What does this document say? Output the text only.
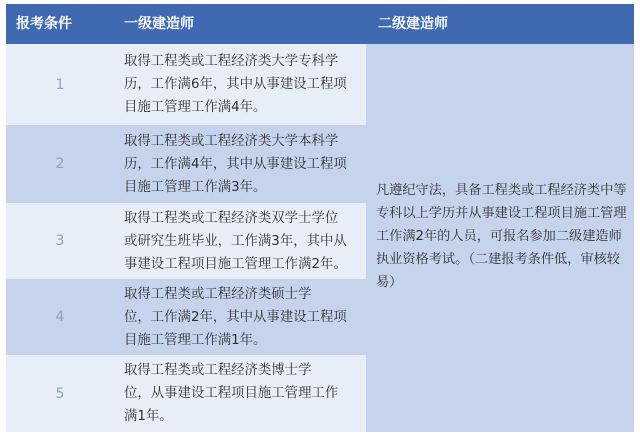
报考条件	一级建造师	二级建造师
1
取得工程类或工程经济类大学专科学
历，工作满6年，其中从事建设工程项
目施工管理工作满4年。
2
取得工程类或工程经济类大学本科学
历，工作满4年，其中从事建设工程项
目施工管理工作满3年。
3
取得工程类或工程经济类双学士学位
或研究生班毕业，工作满3年，其中从
事建设工程项目施工管理工作满2年。
4
取得工程类或工程经济类硕士学
位，工作满2年，其中从事建设工程项
目施工管理工作满1年。
5
取得工程类或工程经济类博士学
位，从事建设工程项目施工管理工作
满1年。
凡遵纪守法，具备工程类或工程经济类中等专科以上学历并从事建设工程项目施工管理工作满2年的人员，可报名参加二级建造师执业资格考试。（二建报考条件低，审核较易）
